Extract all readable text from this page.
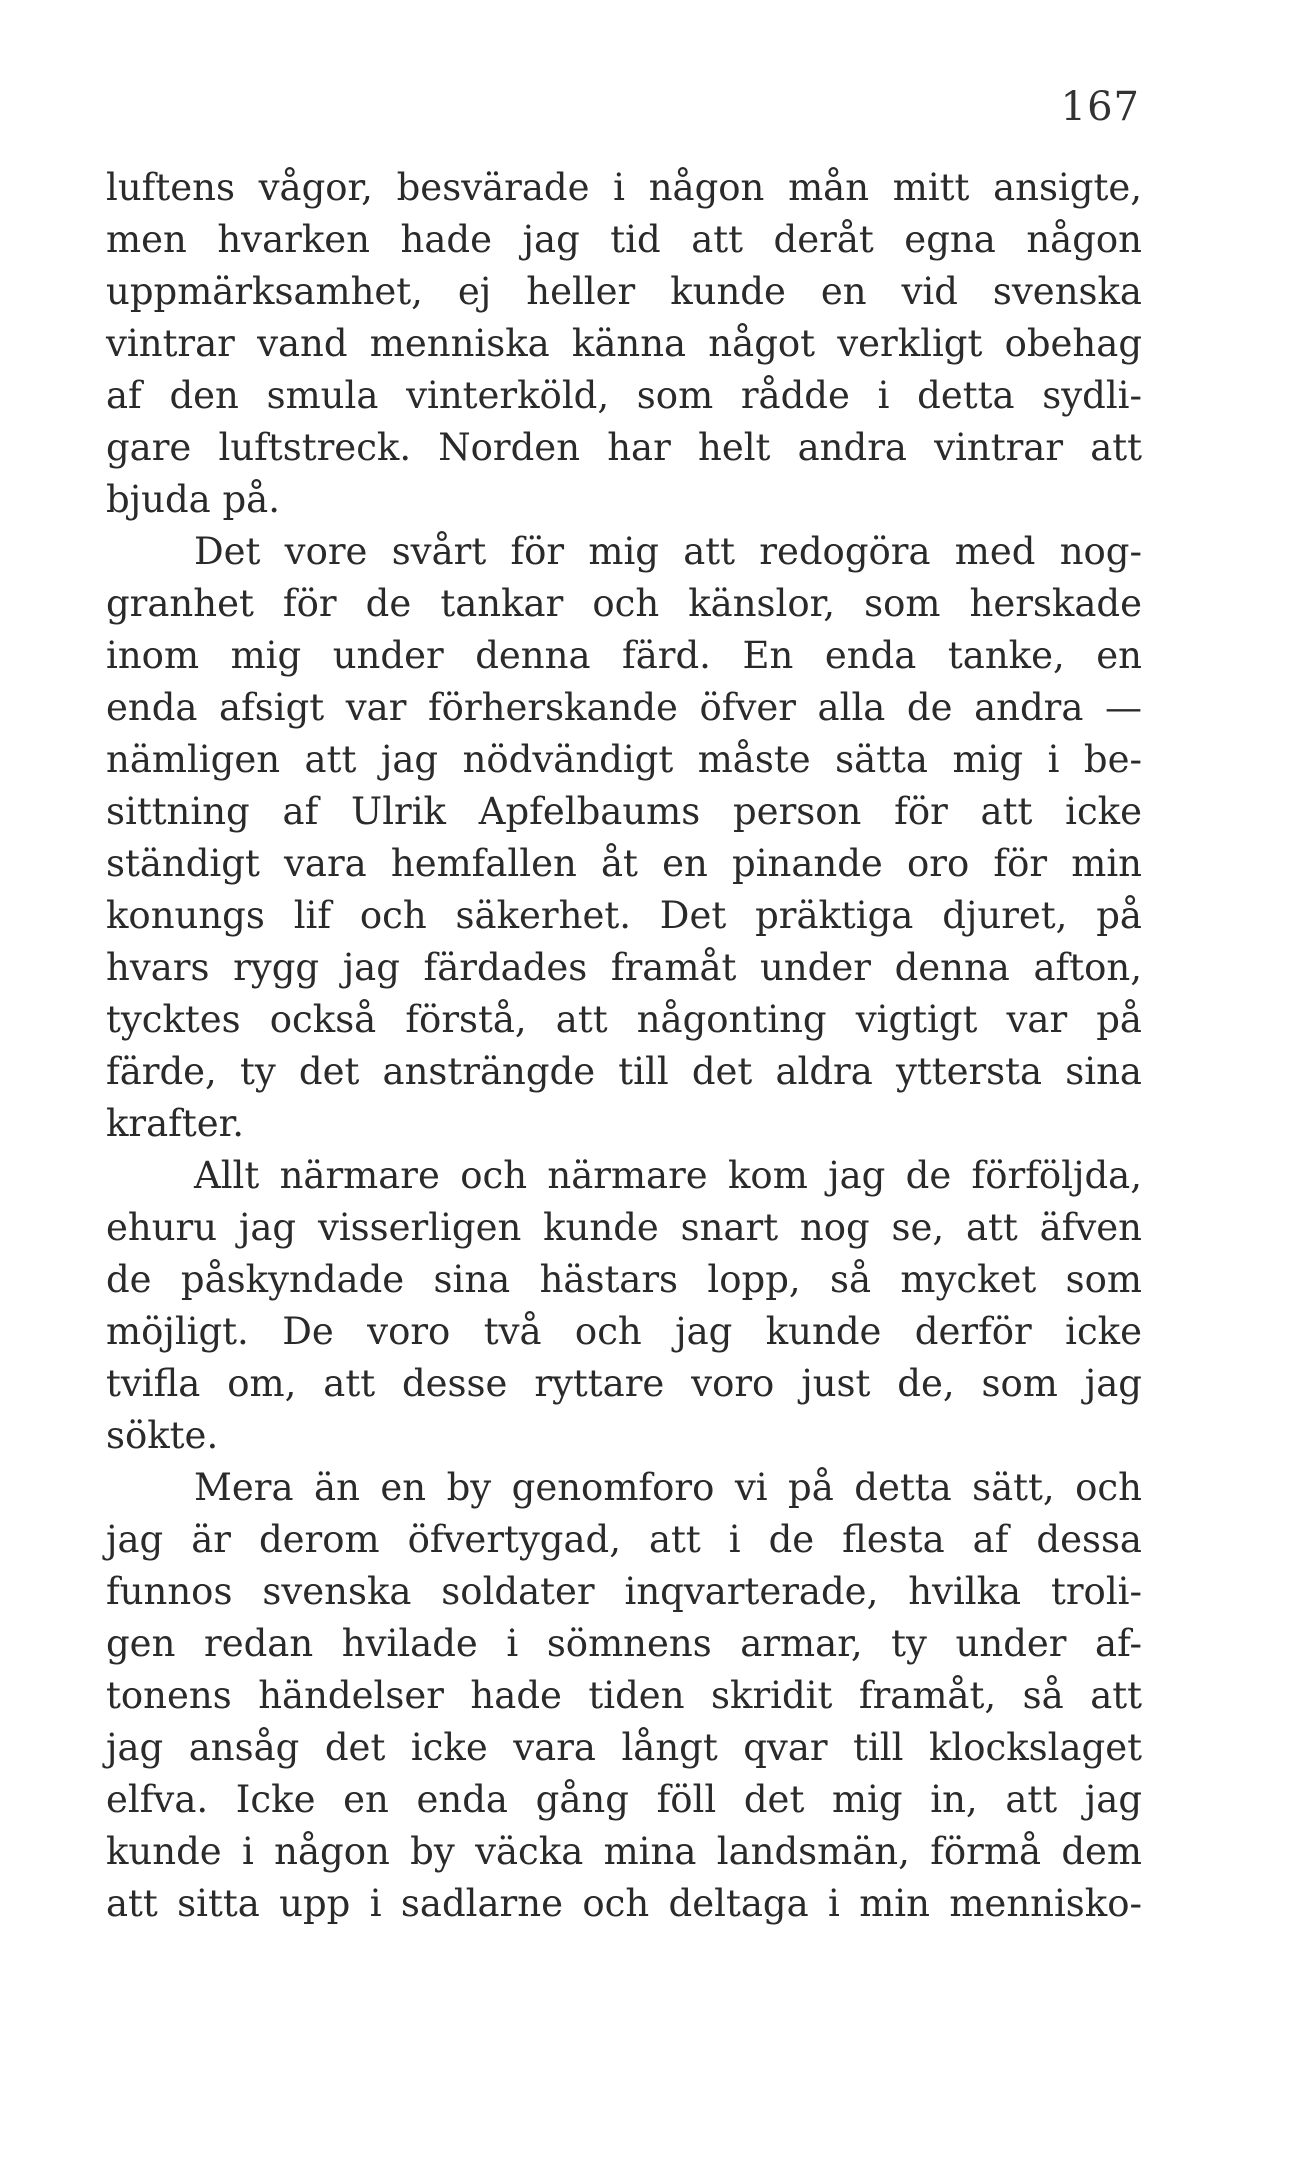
167
luftens vågor, besvärade i någon mån mitt ansigte,
men hvarken hade jag tid att deråt egna någon
uppmärksamhet, ej heller kunde en vid svenska
vintrar vand menniska känna något verkligt obehag
af den smula vinterköld, som rådde i detta sydli-
gare luftstreck. Norden har helt andra vintrar att
bjuda på.
Det vore svårt för mig att redogöra med nog-
granhet för de tankar och känslor, som herskade
inom mig under denna färd. En enda tanke, en
enda afsigt var förherskande öfver alla de andra —
nämligen att jag nödvändigt måste sätta mig i be-
sittning af Ulrik Apfelbaums person för att icke
ständigt vara hemfallen åt en pinande oro för min
konungs lif och säkerhet. Det präktiga djuret, på
hvars rygg jag färdades framåt under denna afton,
tycktes också förstå, att någonting vigtigt var på
färde, ty det ansträngde till det aldra yttersta sina
krafter.
Allt närmare och närmare kom jag de förföljda,
ehuru jag visserligen kunde snart nog se, att äfven
de påskyndade sina hästars lopp, så mycket som
möjligt. De voro två och jag kunde derför icke
tvifla om, att desse ryttare voro just de, som jag
sökte.
Mera än en by genomforo vi på detta sätt, och
jag är derom öfvertygad, att i de flesta af dessa
funnos svenska soldater inqvarterade, hvilka troli-
gen redan hvilade i sömnens armar, ty under af-
tonens händelser hade tiden skridit framåt, så att
jag ansåg det icke vara långt qvar till klockslaget
elfva. Icke en enda gång föll det mig in, att jag
kunde i någon by väcka mina landsmän, förmå dem
att sitta upp i sadlarne och deltaga i min mennisko-
